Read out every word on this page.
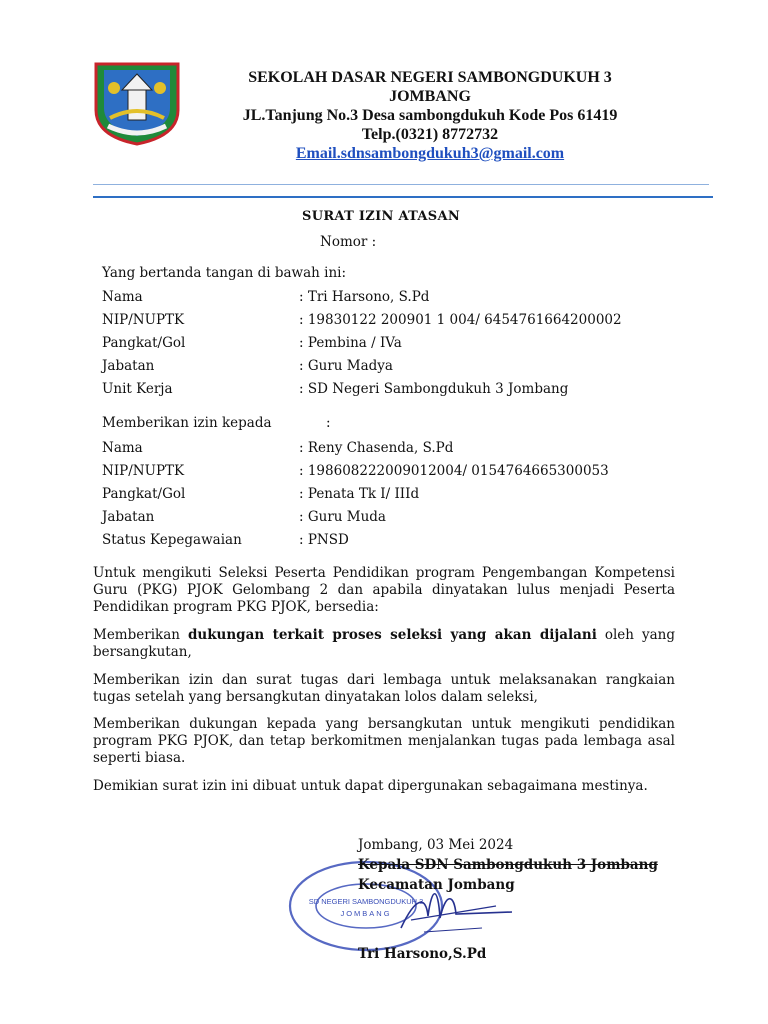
SEKOLAH DASAR NEGERI SAMBONGDUKUH 3
JOMBANG
JL.Tanjung No.3 Desa sambongdukuh Kode Pos 61419
Telp.(0321) 8772732
Email.sdnsambongdukuh3@gmail.com
SURAT IZIN ATASAN
Nomor :
Yang bertanda tangan di bawah ini:
Nama	: Tri Harsono, S.Pd
NIP/NUPTK	: 19830122 200901 1 004/ 6454761664200002
Pangkat/Gol	: Pembina / IVa
Jabatan	: Guru Madya
Unit Kerja	: SD Negeri Sambongdukuh 3 Jombang
Memberikan izin kepada	:
Nama	: Reny Chasenda, S.Pd
NIP/NUPTK	: 198608222009012004/ 0154764665300053
Pangkat/Gol	: Penata Tk I/ IIId
Jabatan	: Guru Muda
Status Kepegawaian	: PNSD
Untuk mengikuti Seleksi Peserta Pendidikan program Pengembangan Kompetensi Guru (PKG) PJOK Gelombang 2 dan apabila dinyatakan lulus menjadi Peserta Pendidikan program PKG PJOK, bersedia:
Memberikan dukungan terkait proses seleksi yang akan dijalani oleh yang bersangkutan,
Memberikan izin dan surat tugas dari lembaga untuk melaksanakan rangkaian tugas setelah yang bersangkutan dinyatakan lolos dalam seleksi,
Memberikan dukungan kepada yang bersangkutan untuk mengikuti pendidikan program PKG PJOK, dan tetap berkomitmen menjalankan tugas pada lembaga asal seperti biasa.
Demikian surat izin ini dibuat untuk dapat dipergunakan sebagaimana mestinya.
SD NEGERI SAMBONGDUKUH 3
JOMBANG
Jombang, 03 Mei 2024
Kepala SDN Sambongdukuh 3 Jombang
Kecamatan Jombang
Tri Harsono,S.Pd
